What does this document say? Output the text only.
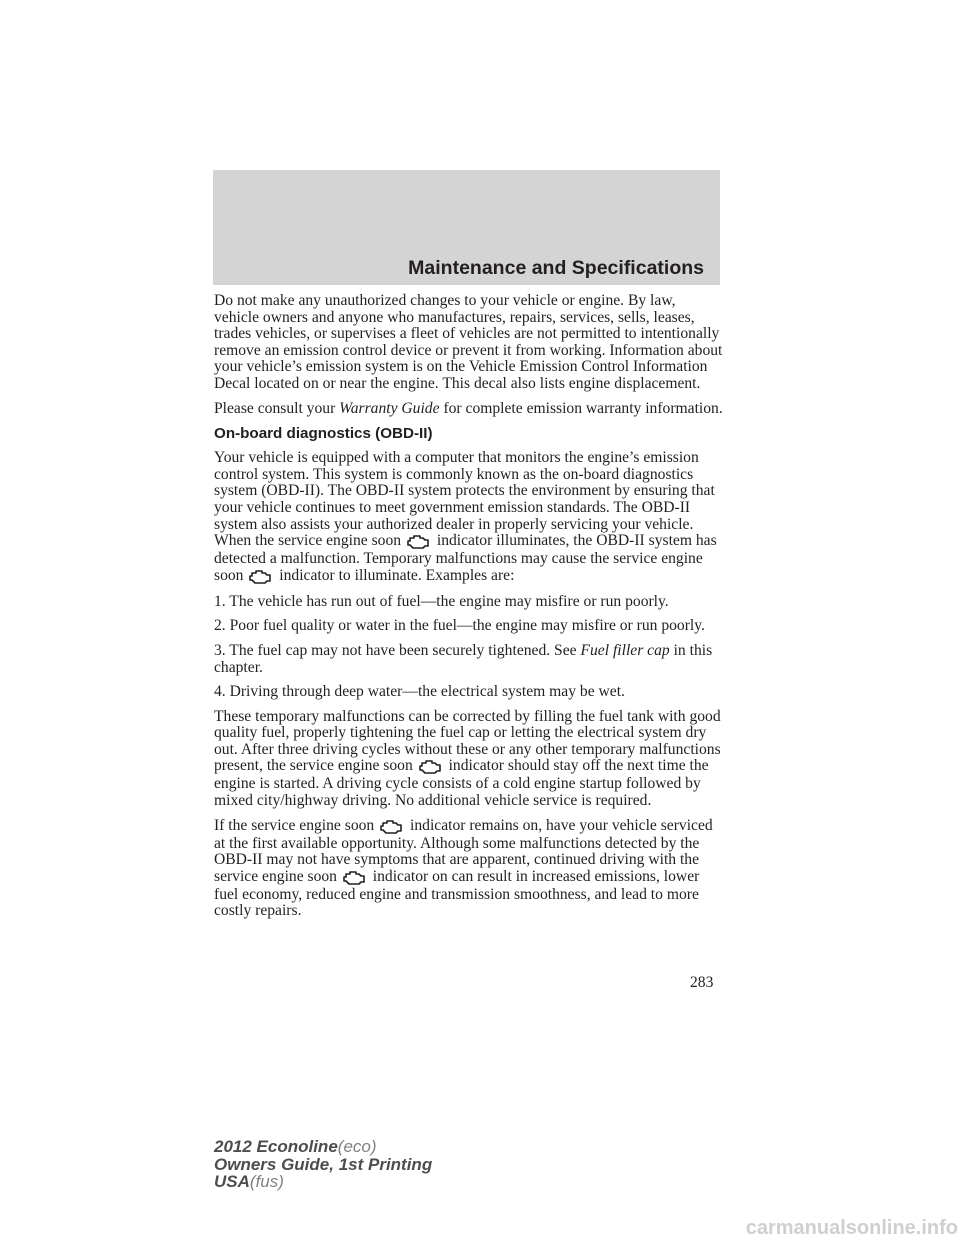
Maintenance and Specifications

Do not make any unauthorized changes to your vehicle or engine. By law, vehicle owners and anyone who manufactures, repairs, services, sells, leases, trades vehicles, or supervises a fleet of vehicles are not permitted to intentionally remove an emission control device or prevent it from working. Information about your vehicle’s emission system is on the Vehicle Emission Control Information Decal located on or near the engine. This decal also lists engine displacement.

Please consult your Warranty Guide for complete emission warranty information.

On-board diagnostics (OBD-II)

Your vehicle is equipped with a computer that monitors the engine’s emission control system. This system is commonly known as the on-board diagnostics system (OBD-II). The OBD-II system protects the environment by ensuring that your vehicle continues to meet government emission standards. The OBD-II system also assists your authorized dealer in properly servicing your vehicle. When the service engine soon indicator illuminates, the OBD-II system has detected a malfunction. Temporary malfunctions may cause the service engine soon indicator to illuminate. Examples are:

1. The vehicle has run out of fuel—the engine may misfire or run poorly.

2. Poor fuel quality or water in the fuel—the engine may misfire or run poorly.

3. The fuel cap may not have been securely tightened. See Fuel filler cap in this chapter.

4. Driving through deep water—the electrical system may be wet.

These temporary malfunctions can be corrected by filling the fuel tank with good quality fuel, properly tightening the fuel cap or letting the electrical system dry out. After three driving cycles without these or any other temporary malfunctions present, the service engine soon indicator should stay off the next time the engine is started. A driving cycle consists of a cold engine startup followed by mixed city/highway driving. No additional vehicle service is required.

If the service engine soon indicator remains on, have your vehicle serviced at the first available opportunity. Although some malfunctions detected by the OBD-II may not have symptoms that are apparent, continued driving with the service engine soon indicator on can result in increased emissions, lower fuel economy, reduced engine and transmission smoothness, and lead to more costly repairs.

283
2012 Econoline(eco)
Owners Guide, 1st Printing
USA(fus)
carmanualsonline.info
